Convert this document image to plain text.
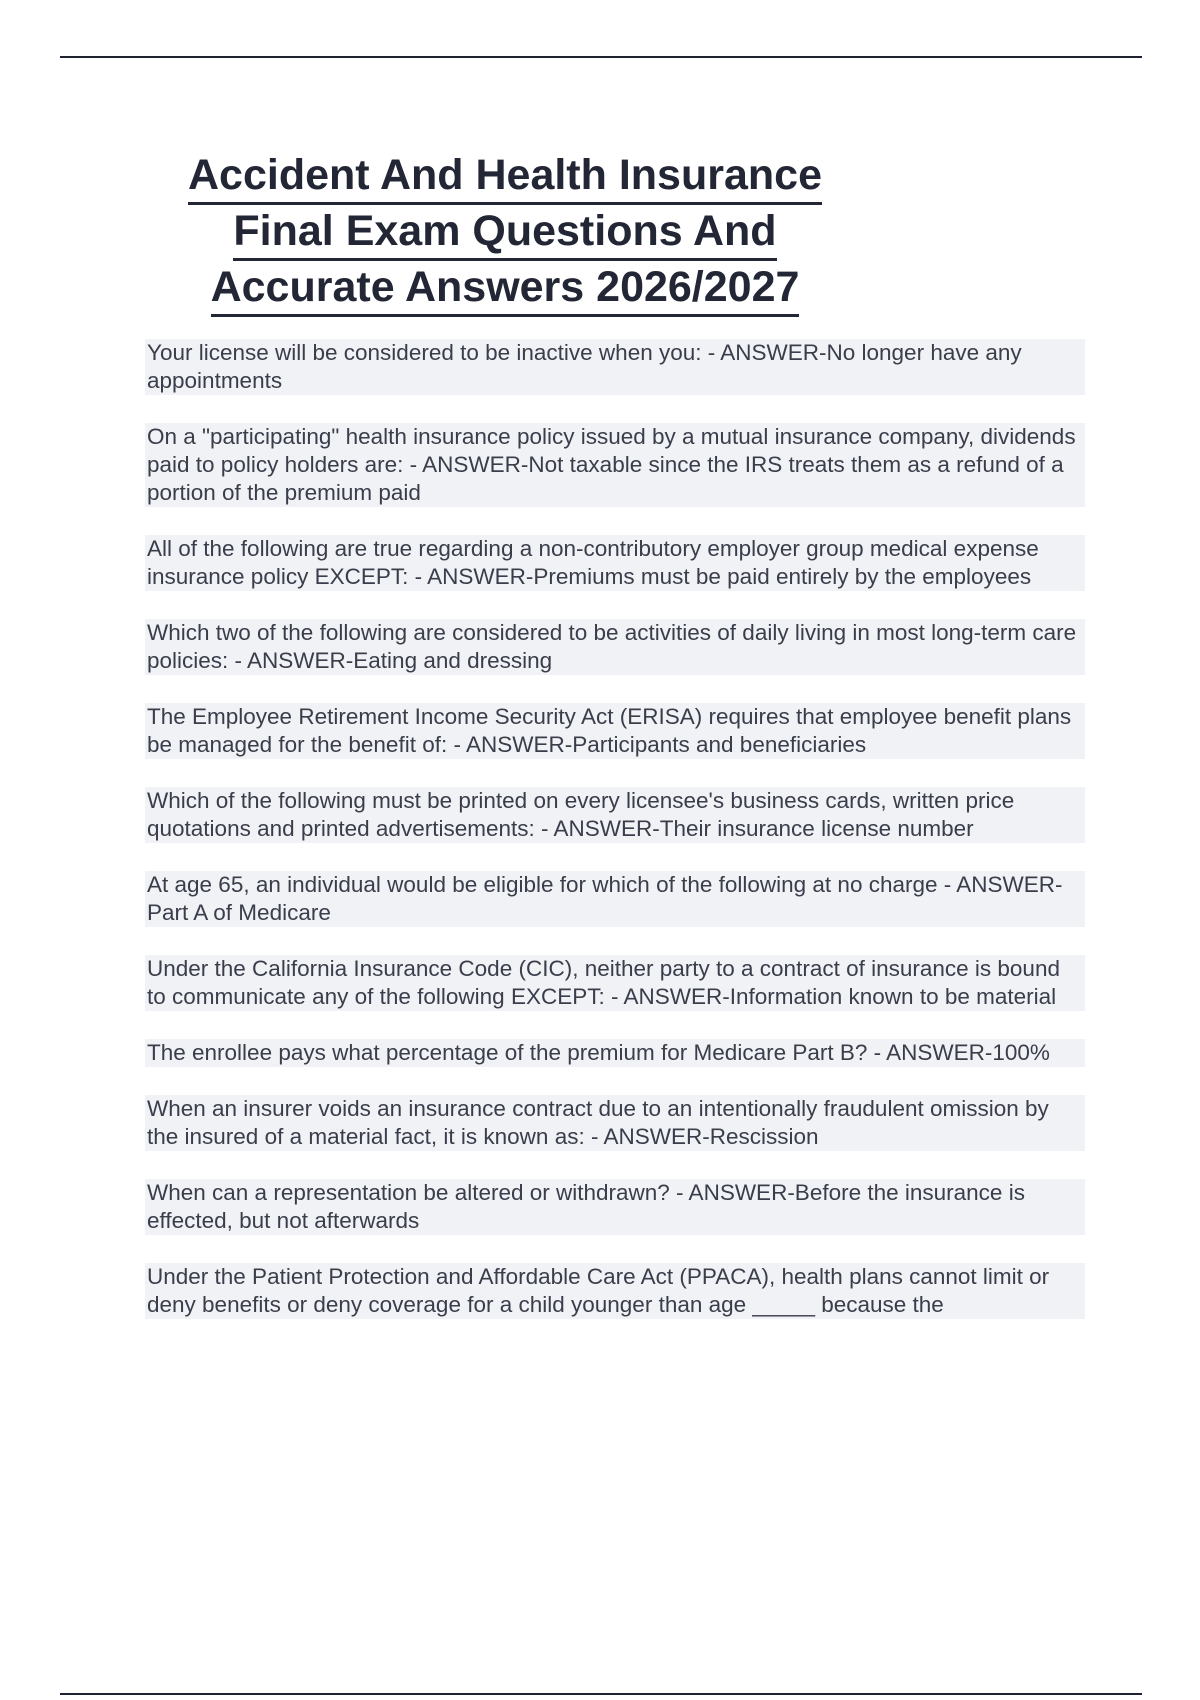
Accident And Health Insurance
Final Exam Questions And
Accurate Answers 2026/2027

Your license will be considered to be inactive when you: - ANSWER-No longer have any appointments

On a "participating" health insurance policy issued by a mutual insurance company, dividends paid to policy holders are: - ANSWER-Not taxable since the IRS treats them as a refund of a portion of the premium paid

All of the following are true regarding a non-contributory employer group medical expense insurance policy EXCEPT: - ANSWER-Premiums must be paid entirely by the employees

Which two of the following are considered to be activities of daily living in most long-term care policies: - ANSWER-Eating and dressing

The Employee Retirement Income Security Act (ERISA) requires that employee benefit plans be managed for the benefit of: - ANSWER-Participants and beneficiaries

Which of the following must be printed on every licensee's business cards, written price quotations and printed advertisements: - ANSWER-Their insurance license number

At age 65, an individual would be eligible for which of the following at no charge - ANSWER-Part A of Medicare

Under the California Insurance Code (CIC), neither party to a contract of insurance is bound to communicate any of the following EXCEPT: - ANSWER-Information known to be material

The enrollee pays what percentage of the premium for Medicare Part B? - ANSWER-100%

When an insurer voids an insurance contract due to an intentionally fraudulent omission by the insured of a material fact, it is known as: - ANSWER-Rescission

When can a representation be altered or withdrawn? - ANSWER-Before the insurance is effected, but not afterwards

Under the Patient Protection and Affordable Care Act (PPACA), health plans cannot limit or deny benefits or deny coverage for a child younger than age _____ because the
